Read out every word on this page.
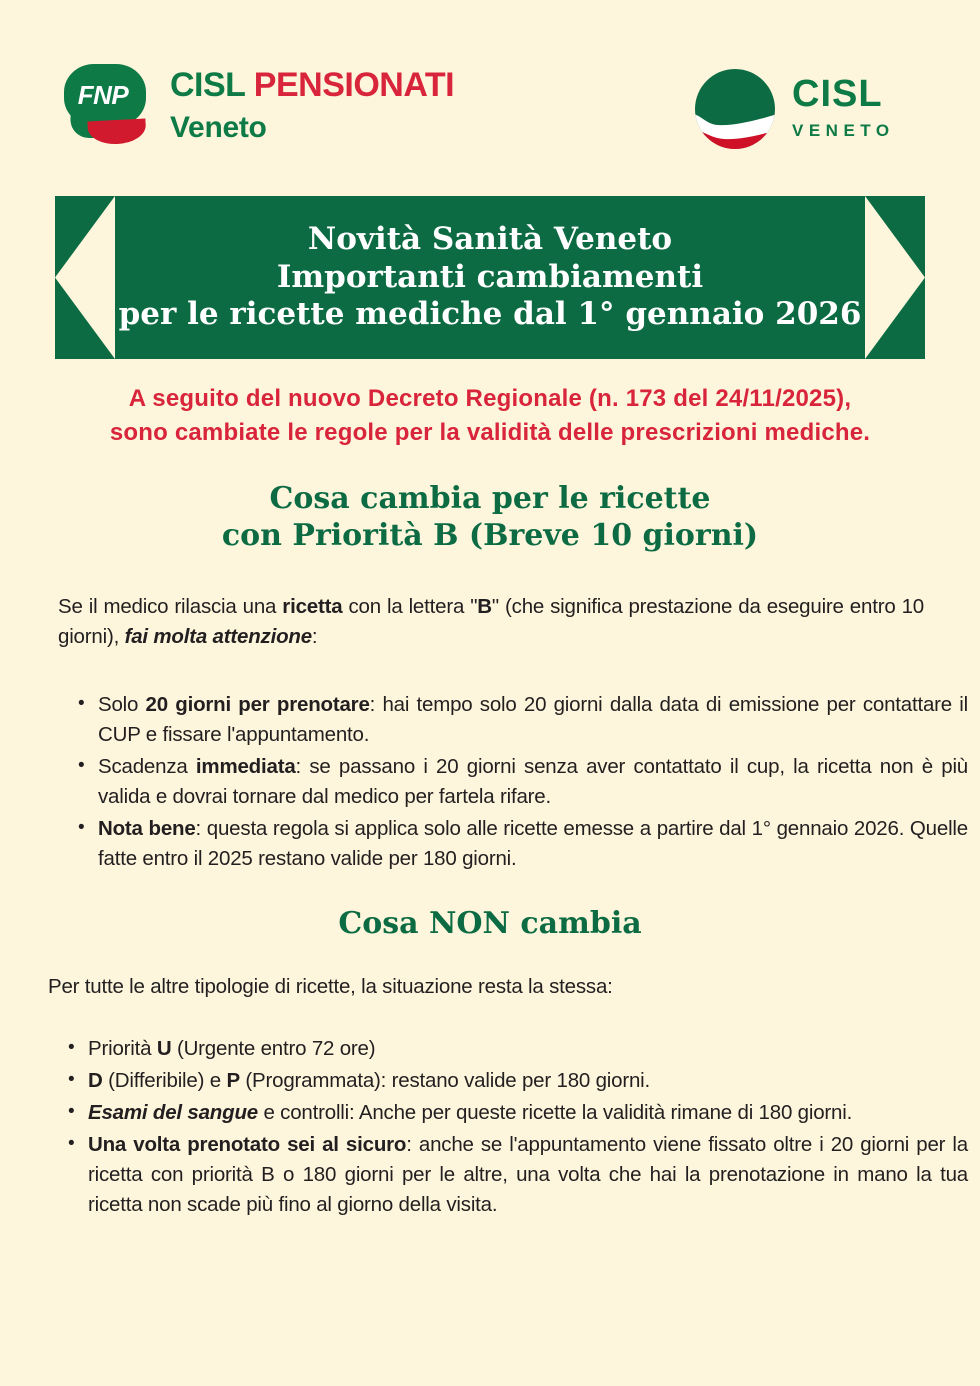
FNP	CISL PENSIONATI
Veneto
CISL
VENETO
Novità Sanità Veneto
Importanti cambiamenti
per le ricette mediche dal 1° gennaio 2026
A seguito del nuovo Decreto Regionale (n. 173 del 24/11/2025),
sono cambiate le regole per la validità delle prescrizioni mediche.
Cosa cambia per le ricette
con Priorità B (Breve 10 giorni)
Se il medico rilascia una ricetta con la lettera "B" (che significa prestazione da eseguire entro 10 giorni), fai molta attenzione:
• Solo 20 giorni per prenotare: hai tempo solo 20 giorni dalla data di emissione per contattare il CUP e fissare l'appuntamento.
• Scadenza immediata: se passano i 20 giorni senza aver contattato il cup, la ricetta non è più valida e dovrai tornare dal medico per fartela rifare.
• Nota bene: questa regola si applica solo alle ricette emesse a partire dal 1° gennaio 2026. Quelle fatte entro il 2025 restano valide per 180 giorni.
Cosa NON cambia
Per tutte le altre tipologie di ricette, la situazione resta la stessa:
• Priorità U (Urgente entro 72 ore)
• D (Differibile) e P (Programmata): restano valide per 180 giorni.
• Esami del sangue e controlli: Anche per queste ricette la validità rimane di 180 giorni.
• Una volta prenotato sei al sicuro: anche se l'appuntamento viene fissato oltre i 20 giorni per la ricetta con priorità B o 180 giorni per le altre, una volta che hai la prenotazione in mano la tua ricetta non scade più fino al giorno della visita.
